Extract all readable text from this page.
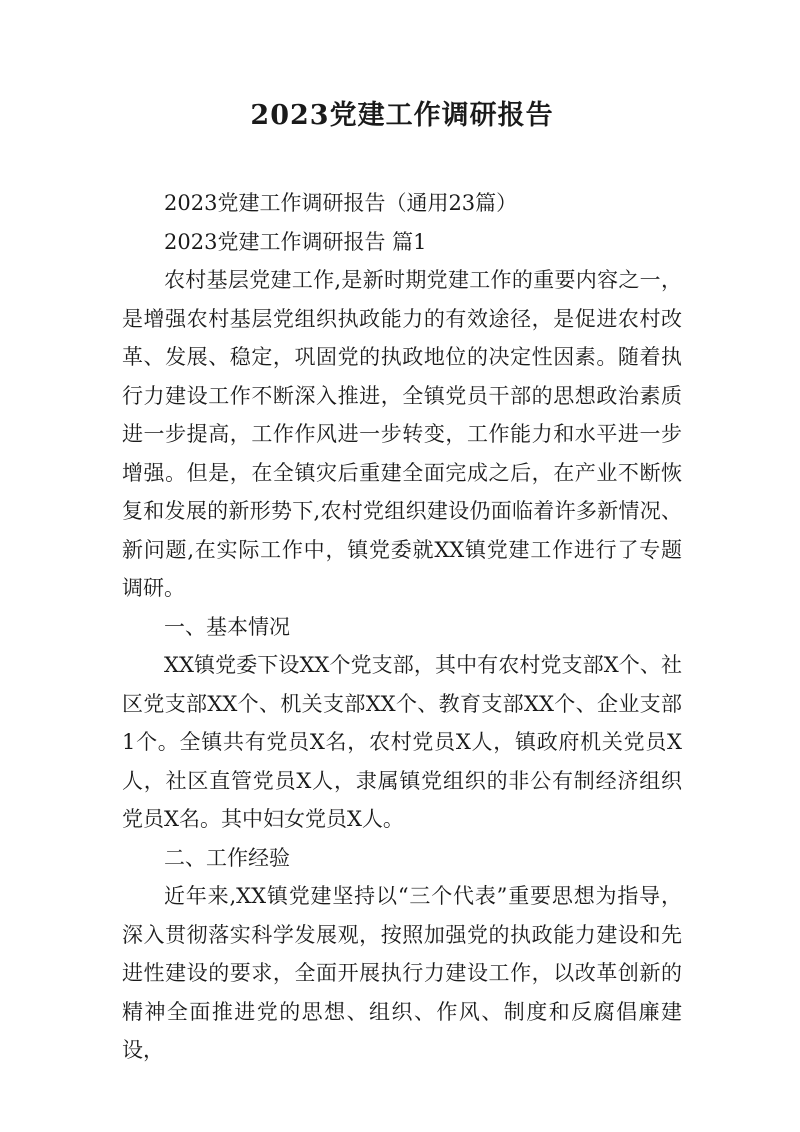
2023党建工作调研报告

2023党建工作调研报告（通用23篇）

2023党建工作调研报告 篇1

农村基层党建工作,是新时期党建工作的重要内容之一，是增强农村基层党组织执政能力的有效途径，是促进农村改革、发展、稳定，巩固党的执政地位的决定性因素。随着执行力建设工作不断深入推进，全镇党员干部的思想政治素质进一步提高，工作作风进一步转变，工作能力和水平进一步增强。但是，在全镇灾后重建全面完成之后，在产业不断恢复和发展的新形势下,农村党组织建设仍面临着许多新情况、新问题,在实际工作中，镇党委就XX镇党建工作进行了专题调研。

一、基本情况

XX镇党委下设XX个党支部，其中有农村党支部X个、社区党支部XX个、机关支部XX个、教育支部XX个、企业支部1个。全镇共有党员X名，农村党员X人，镇政府机关党员X人，社区直管党员X人，隶属镇党组织的非公有制经济组织党员X名。其中妇女党员X人。

二、工作经验

近年来,XX镇党建坚持以“三个代表”重要思想为指导，深入贯彻落实科学发展观，按照加强党的执政能力建设和先进性建设的要求，全面开展执行力建设工作，以改革创新的精神全面推进党的思想、组织、作风、制度和反腐倡廉建设，
